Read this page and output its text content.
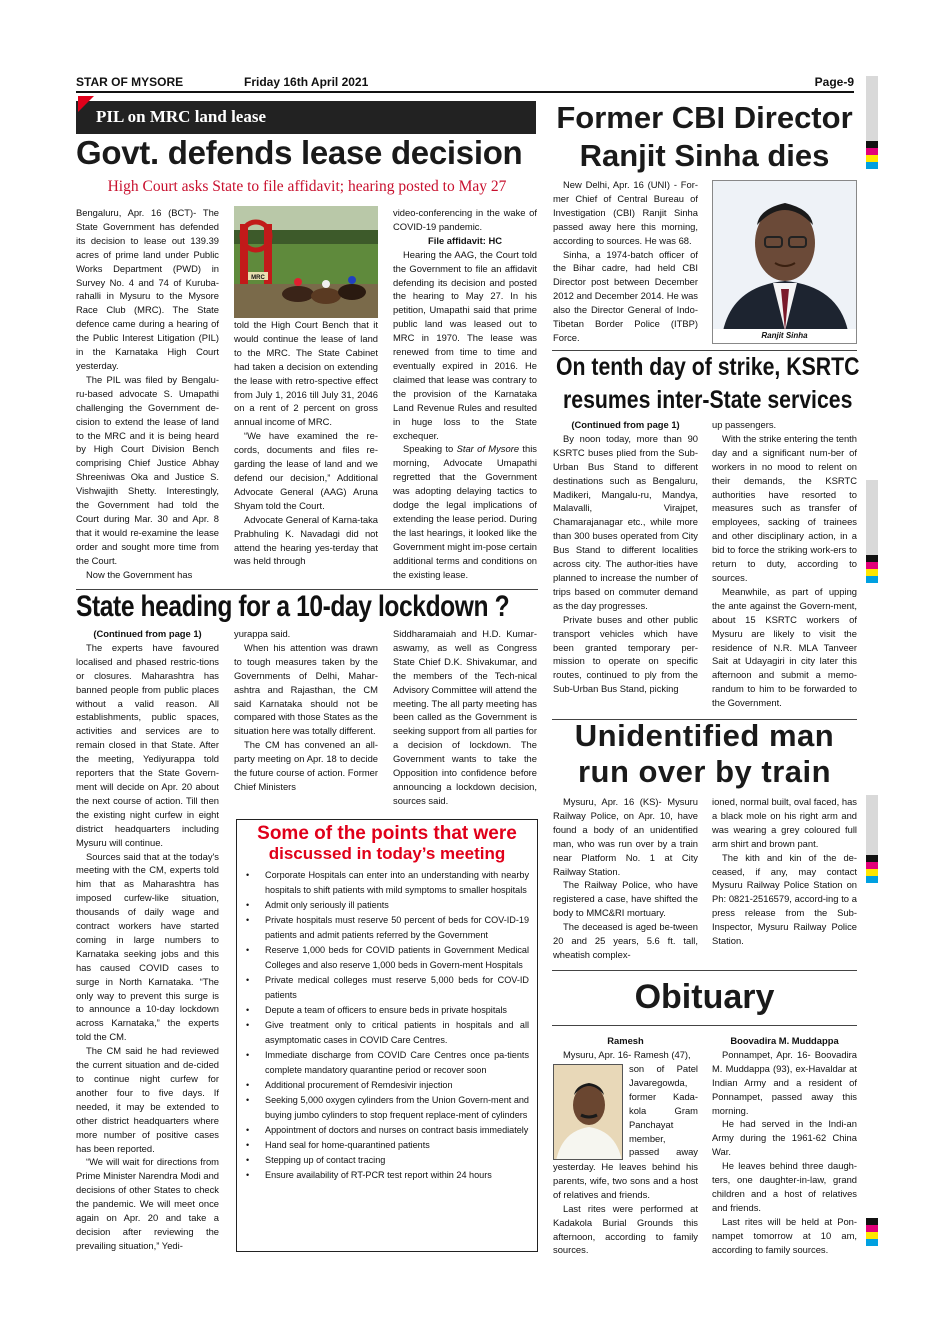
STAR OF MYSORE	Friday 16th April 2021	Page-9
PIL on MRC land lease
Govt. defends lease decision
High Court asks State to file affidavit; hearing posted to May 27

Bengaluru, Apr. 16 (BCT)- The State Government has defended its decision to lease out 139.39 acres of prime land under Public Works Department (PWD) in Survey No. 4 and 74 of Kuruba-rahalli in Mysuru to the Mysore Race Club (MRC). The State defence came during a hearing of the Public Interest Litigation (PIL) in the Karnataka High Court yesterday.

The PIL was filed by Bengalu-ru-based advocate S. Umapathi challenging the Government de-cision to extend the lease of land to the MRC and it is being heard by High Court Division Bench comprising Chief Justice Abhay Shreeniwas Oka and Justice S. Vishwajith Shetty. Interestingly, the Government had told the Court during Mar. 30 and Apr. 8 that it would re-examine the lease order and sought more time from the Court.

Now the Government has

MRC

told the High Court Bench that it would continue the lease of land to the MRC. The State Cabinet had taken a decision on extending the lease with retro-spective effect from July 1, 2016 till July 31, 2046 on a rent of 2 percent on gross annual income of MRC.

“We have examined the re-cords, documents and files re-garding the lease of land and we defend our decision,” Additional Advocate General (AAG) Aruna Shyam told the Court.

Advocate General of Karna-taka Prabhuling K. Navadagi did not attend the hearing yes-terday that was held through

video-conferencing in the wake of COVID-19 pandemic.

File affidavit: HC

Hearing the AAG, the Court told the Government to file an affidavit defending its decision and posted the hearing to May 27. In his petition, Umapathi said that prime public land was leased out to MRC in 1970. The lease was renewed from time to time and eventually expired in 2016. He claimed that lease was contrary to the provision of the Karnataka Land Revenue Rules and resulted in huge loss to the State exchequer.

Speaking to Star of Mysore this morning, Advocate Umapathi regretted that the Government was adopting delaying tactics to dodge the legal implications of extending the lease period. During the last hearings, it looked like the Government might im-pose certain additional terms and conditions on the existing lease.

State heading for a 10-day lockdown ?
(Continued from page 1)

The experts have favoured localised and phased restric-tions or closures. Maharashtra has banned people from public places without a valid reason. All establishments, public spaces, activities and services are to remain closed in that State. After the meeting, Yediyurappa told reporters that the State Govern-ment will decide on Apr. 20 about the next course of action. Till then the existing night curfew in eight district headquarters including Mysuru will continue.

Sources said that at the today's meeting with the CM, experts told him that as Maharashtra has imposed curfew-like situation, thousands of daily wage and contract workers have started coming in large numbers to Karnataka seeking jobs and this has caused COVID cases to surge in North Karnataka. “The only way to prevent this surge is to announce a 10-day lockdown across Karnataka,” the experts told the CM.

The CM said he had reviewed the current situation and de-cided to continue night curfew for another four to five days. If needed, it may be extended to other district headquarters where more number of positive cases has been reported.

“We will wait for directions from Prime Minister Narendra Modi and decisions of other States to check the pandemic. We will meet once again on Apr. 20 and take a decision after reviewing the prevailing situation,” Yedi-

yurappa said.

When his attention was drawn to tough measures taken by the Governments of Delhi, Mahar-ashtra and Rajasthan, the CM said Karnataka should not be compared with those States as the situation here was totally different.

The CM has convened an all-party meeting on Apr. 18 to decide the future course of action. Former Chief Ministers

Siddharamaiah and H.D. Kumar-aswamy, as well as Congress State Chief D.K. Shivakumar, and the members of the Tech-nical Advisory Committee will attend the meeting. The all party meeting has been called as the Government is seeking support from all parties for a decision of lockdown. The Government wants to take the Opposition into confidence before announcing a lockdown decision, sources said.

Some of the points that were
discussed in today’s meeting
• Corporate Hospitals can enter into an understanding with nearby hospitals to shift patients with mild symptoms to smaller hospitals
• Admit only seriously ill patients
• Private hospitals must reserve 50 percent of beds for COV-ID-19 patients and admit patients referred by the Government
• Reserve 1,000 beds for COVID patients in Government Medical Colleges and also reserve 1,000 beds in Govern-ment Hospitals
• Private medical colleges must reserve 5,000 beds for COV-ID patients
• Depute a team of officers to ensure beds in private hospitals
• Give treatment only to critical patients in hospitals and all asymptomatic cases in COVID Care Centres.
• Immediate discharge from COVID Care Centres once pa-tients complete mandatory quarantine period or recover soon
• Additional procurement of Remdesivir injection
• Seeking 5,000 oxygen cylinders from the Union Govern-ment and buying jumbo cylinders to stop frequent replace-ment of cylinders
• Appointment of doctors and nurses on contract basis immediately
• Hand seal for home-quarantined patients
• Stepping up of contact tracing
• Ensure availability of RT-PCR test report within 24 hours
Former CBI Director
Ranjit Sinha dies

New Delhi, Apr. 16 (UNI) - For-mer Chief of Central Bureau of Investigation (CBI) Ranjit Sinha passed away here this morning, according to sources. He was 68.

Sinha, a 1974-batch officer of the Bihar cadre, had held CBI Director post between December 2012 and December 2014. He was also the Director General of Indo-Tibetan Border Police (ITBP) Force.	Ranjit Sinha
On tenth day of strike, KSRTC
resumes inter-State services
(Continued from page 1)

By noon today, more than 90 KSRTC buses plied from the Sub-Urban Bus Stand to different destinations such as Bengaluru, Madikeri, Mangalu-ru, Mandya, Malavalli, Virajpet, Chamarajanagar etc., while more than 300 buses operated from City Bus Stand to different localities across city. The author-ities have planned to increase the number of trips based on commuter demand as the day progresses.

Private buses and other public transport vehicles which have been granted temporary per-mission to operate on specific routes, continued to ply from the Sub-Urban Bus Stand, picking

up passengers.

With the strike entering the tenth day and a significant num-ber of workers in no mood to relent on their demands, the KSRTC authorities have resorted to measures such as transfer of employees, sacking of trainees and other disciplinary action, in a bid to force the striking work-ers to return to duty, according to sources.

Meanwhile, as part of upping the ante against the Govern-ment, about 15 KSRTC workers of Mysuru are likely to visit the residence of N.R. MLA Tanveer Sait at Udayagiri in city later this afternoon and submit a memo-randum to him to be forwarded to the Government.

Unidentified man
run over by train

Mysuru, Apr. 16 (KS)- Mysuru Railway Police, on Apr. 10, have found a body of an unidentified man, who was run over by a train near Platform No. 1 at City Railway Station.

The Railway Police, who have registered a case, have shifted the body to MMC&RI mortuary.

The deceased is aged be-tween 20 and 25 years, 5.6 ft. tall, wheatish complex-

ioned, normal built, oval faced, has a black mole on his right arm and was wearing a grey coloured full arm shirt and brown pant.

The kith and kin of the de-ceased, if any, may contact Mysuru Railway Police Station on Ph: 0821-2516579, accord-ing to a press release from the Sub-Inspector, Mysuru Railway Police Station.

Obituary
Ramesh
Mysuru, Apr. 16- Ramesh (47),
son of Patel
Javaregowda,
former Kada-
kola Gram
Panchayat
member,
passed away

yesterday. He leaves behind his parents, wife, two sons and a host of relatives and friends.

Last rites were performed at Kadakola Burial Grounds this afternoon, according to family sources.

Boovadira M. Muddappa

Ponnampet, Apr. 16- Boovadira M. Muddappa (93), ex-Havaldar at Indian Army and a resident of Ponnampet, passed away this morning.

He had served in the Indi-an Army during the 1961-62 China War.

He leaves behind three daugh-ters, one daughter-in-law, grand children and a host of relatives and friends.

Last rites will be held at Pon-nampet tomorrow at 10 am, according to family sources.
